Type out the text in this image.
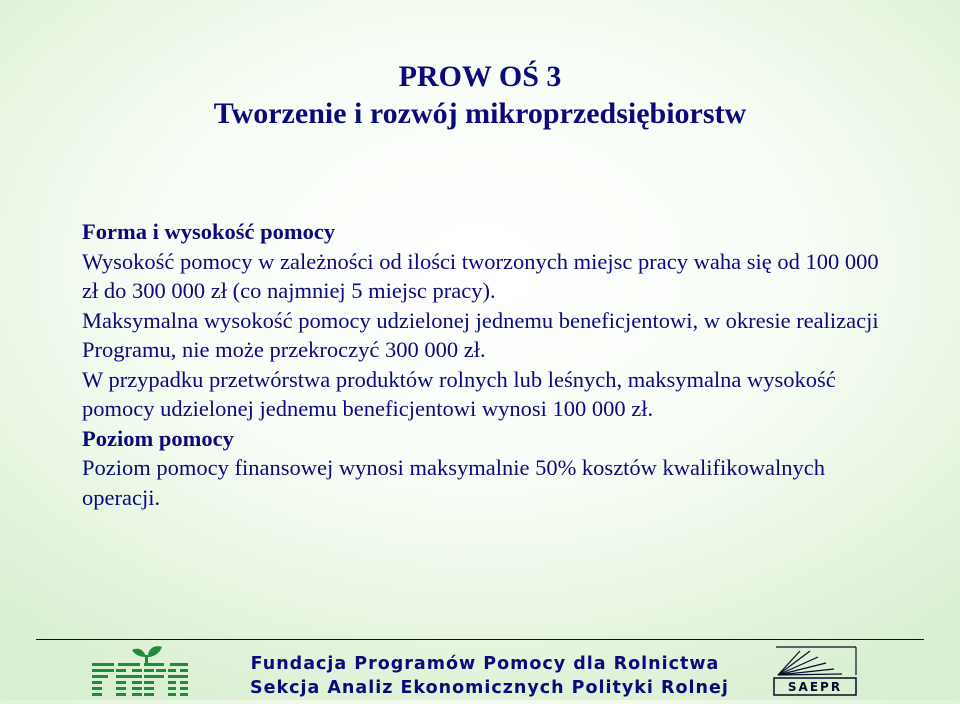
PROW OŚ 3
Tworzenie i rozwój mikroprzedsiębiorstw

Forma i wysokość pomocy

Wysokość pomocy w zależności od ilości tworzonych miejsc pracy waha się od 100 000 zł do 300 000 zł (co najmniej 5 miejsc pracy).

Maksymalna wysokość pomocy udzielonej jednemu beneficjentowi, w okresie realizacji Programu, nie może przekroczyć 300 000 zł.

W przypadku przetwórstwa produktów rolnych lub leśnych, maksymalna wysokość pomocy udzielonej jednemu beneficjentowi wynosi 100 000 zł.

Poziom pomocy

Poziom pomocy finansowej wynosi maksymalnie 50% kosztów kwalifikowalnych operacji.

Fundacja Programów Pomocy dla Rolnictwa
Sekcja Analiz Ekonomicznych Polityki Rolnej	SAEPR
